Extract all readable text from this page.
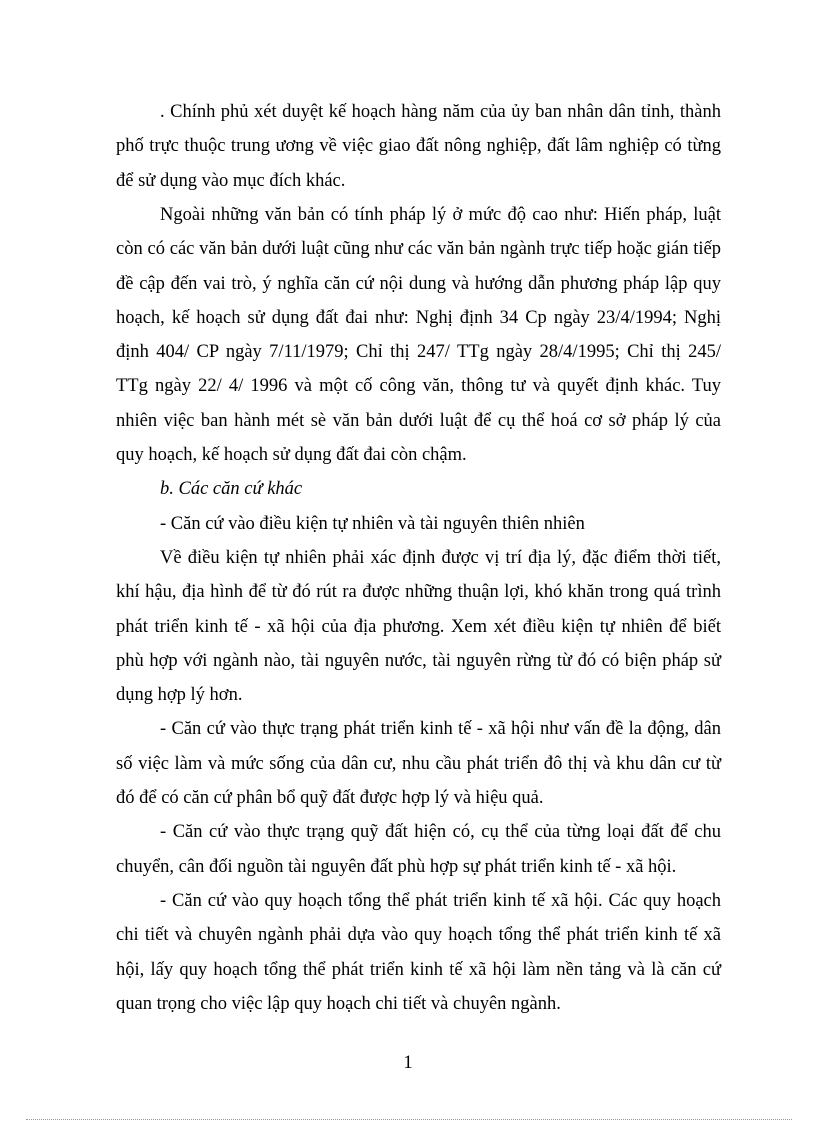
. Chính phủ xét duyệt kế hoạch hàng năm của ủy ban nhân dân tỉnh, thành
phố trực thuộc trung ương về việc giao đất nông nghiệp, đất lâm nghiệp có từng
để sử dụng vào mục đích khác.
Ngoài những văn bản có tính pháp lý ở mức độ cao như: Hiến pháp, luật
còn có các văn bản dưới luật cũng như các văn bản ngành trực tiếp hoặc gián tiếp
đề cập đến vai trò, ý nghĩa căn cứ nội dung và hướng dẫn phương pháp lập quy
hoạch, kế hoạch sử dụng đất đai như: Nghị định 34 Cp ngày 23/4/1994; Nghị
định 404/ CP ngày 7/11/1979; Chỉ thị 247/ TTg ngày 28/4/1995; Chỉ thị 245/
TTg ngày 22/ 4/ 1996 và một cố công văn, thông tư và quyết định khác. Tuy
nhiên việc ban hành mét sè văn bản dưới luật để cụ thể hoá cơ sở pháp lý của
quy hoạch, kế hoạch sử dụng đất đai còn chậm.
b. Các căn cứ khác
- Căn cứ vào điều kiện tự nhiên và tài nguyên thiên nhiên
Về điều kiện tự nhiên phải xác định được vị trí địa lý, đặc điểm thời tiết,
khí hậu, địa hình để từ đó rút ra được những thuận lợi, khó khăn trong quá trình
phát triển kinh tế - xã hội của địa phương. Xem xét điều kiện tự nhiên để biết
phù hợp với ngành nào, tài nguyên nước, tài nguyên rừng từ đó có biện pháp sử
dụng hợp lý hơn.
- Căn cứ vào thực trạng phát triển kinh tế - xã hội như vấn đề la động, dân
số việc làm và mức sống của dân cư, nhu cầu phát triển đô thị và khu dân cư từ
đó để có căn cứ phân bổ quỹ đất được hợp lý và hiệu quả.
- Căn cứ vào thực trạng quỹ đất hiện có, cụ thể của từng loại đất để chu
chuyển, cân đối nguồn tài nguyên đất phù hợp sự phát triển kinh tế - xã hội.
- Căn cứ vào quy hoạch tổng thể phát triển kinh tế xã hội. Các quy hoạch
chi tiết và chuyên ngành phải dựa vào quy hoạch tổng thể phát triển kinh tế xã
hội, lấy quy hoạch tổng thể phát triển kinh tế xã hội làm nền tảng và là căn cứ
quan trọng cho việc lập quy hoạch chi tiết và chuyên ngành.
1
